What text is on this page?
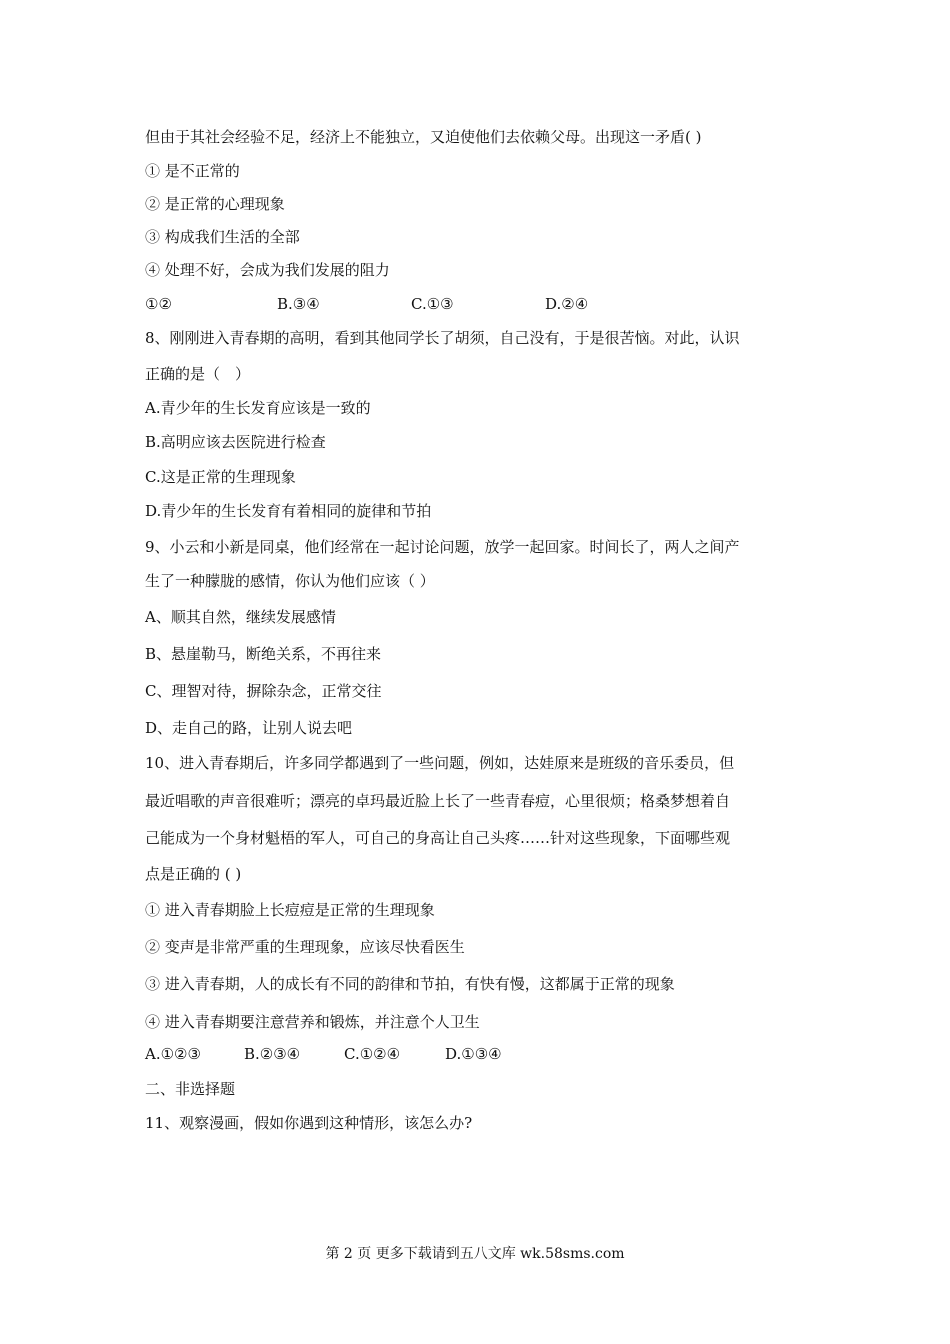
但由于其社会经验不足，经济上不能独立，又迫使他们去依赖父母。出现这一矛盾( )
① 是不正常的
② 是正常的心理现象
③ 构成我们生活的全部
④ 处理不好，会成为我们发展的阻力
①②	B.③④	C.①③	D.②④
8、刚刚进入青春期的高明，看到其他同学长了胡须，自己没有，于是很苦恼。对此，认识
正确的是（　）
A.青少年的生长发育应该是一致的
B.高明应该去医院进行检查
C.这是正常的生理现象
D.青少年的生长发育有着相同的旋律和节拍
9、小云和小新是同桌，他们经常在一起讨论问题，放学一起回家。时间长了，两人之间产
生了一种朦胧的感情，你认为他们应该（ ）
A、顺其自然，继续发展感情
B、悬崖勒马，断绝关系，不再往来
C、理智对待，摒除杂念，正常交往
D、走自己的路，让别人说去吧
10、进入青春期后，许多同学都遇到了一些问题，例如，达娃原来是班级的音乐委员，但
最近唱歌的声音很难听；漂亮的卓玛最近脸上长了一些青春痘，心里很烦；格桑梦想着自
己能成为一个身材魁梧的军人，可自己的身高让自己头疼……针对这些现象，下面哪些观
点是正确的 ( )
① 进入青春期脸上长痘痘是正常的生理现象
② 变声是非常严重的生理现象，应该尽快看医生
③ 进入青春期，人的成长有不同的韵律和节拍，有快有慢，这都属于正常的现象
④ 进入青春期要注意营养和锻炼，并注意个人卫生
A.①②③	B.②③④	C.①②④	D.①③④
二、非选择题
11、观察漫画，假如你遇到这种情形，该怎么办?
第 2 页 更多下载请到五八文库 wk.58sms.com
